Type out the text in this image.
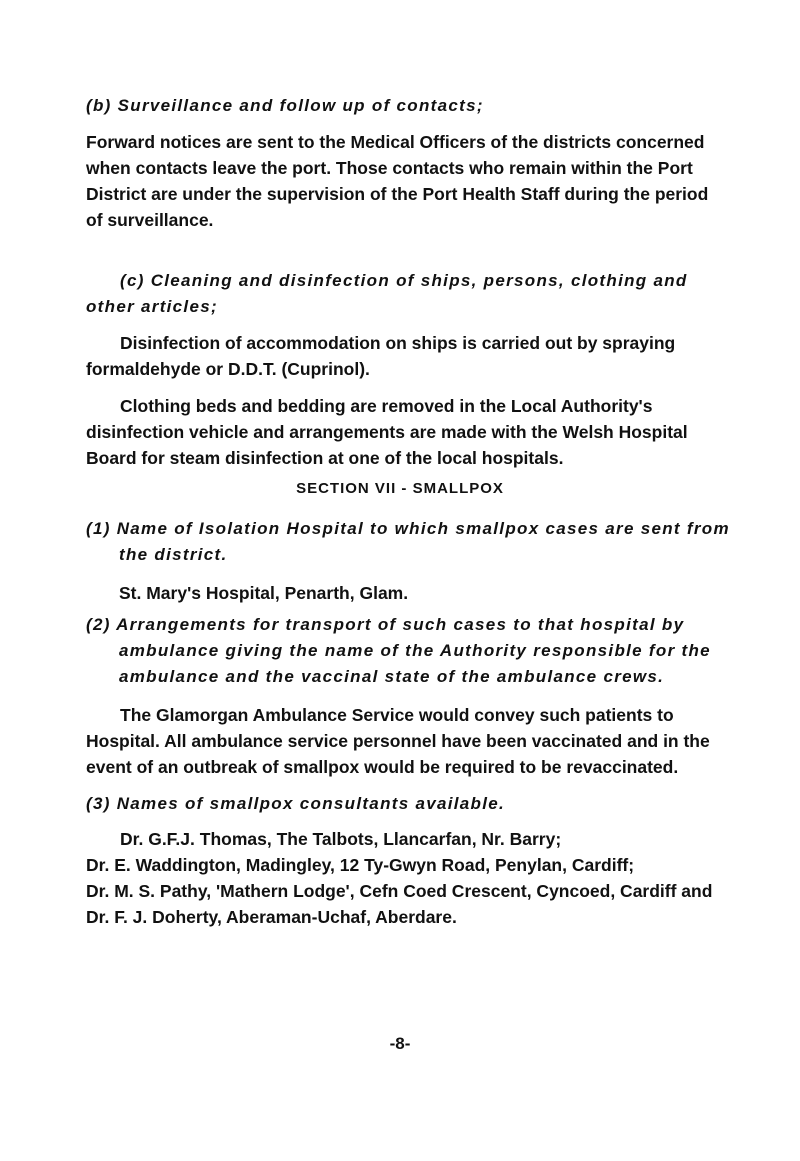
(b) Surveillance and follow up of contacts;

Forward notices are sent to the Medical Officers of the districts concerned when contacts leave the port. Those contacts who remain within the Port District are under the supervision of the Port Health Staff during the period of surveillance.

(c) Cleaning and disinfection of ships, persons, clothing and other articles;

Disinfection of accommodation on ships is carried out by spraying formaldehyde or D.D.T. (Cuprinol).

Clothing beds and bedding are removed in the Local Authority's disinfection vehicle and arrangements are made with the Welsh Hospital Board for steam disinfection at one of the local hospitals.

SECTION VII - SMALLPOX

(1) Name of Isolation Hospital to which smallpox cases are sent from the district.

St. Mary's Hospital, Penarth, Glam.

(2) Arrangements for transport of such cases to that hospital by ambulance giving the name of the Authority responsible for the ambulance and the vaccinal state of the ambulance crews.

The Glamorgan Ambulance Service would convey such patients to Hospital. All ambulance service personnel have been vaccinated and in the event of an outbreak of smallpox would be required to be revaccinated.

(3) Names of smallpox consultants available.

Dr. G.F.J. Thomas, The Talbots, Llancarfan, Nr. Barry;

Dr. E. Waddington, Madingley, 12 Ty-Gwyn Road, Penylan, Cardiff;

Dr. M. S. Pathy, 'Mathern Lodge', Cefn Coed Crescent, Cyncoed, Cardiff and

Dr. F. J. Doherty, Aberaman-Uchaf, Aberdare.

-8-
